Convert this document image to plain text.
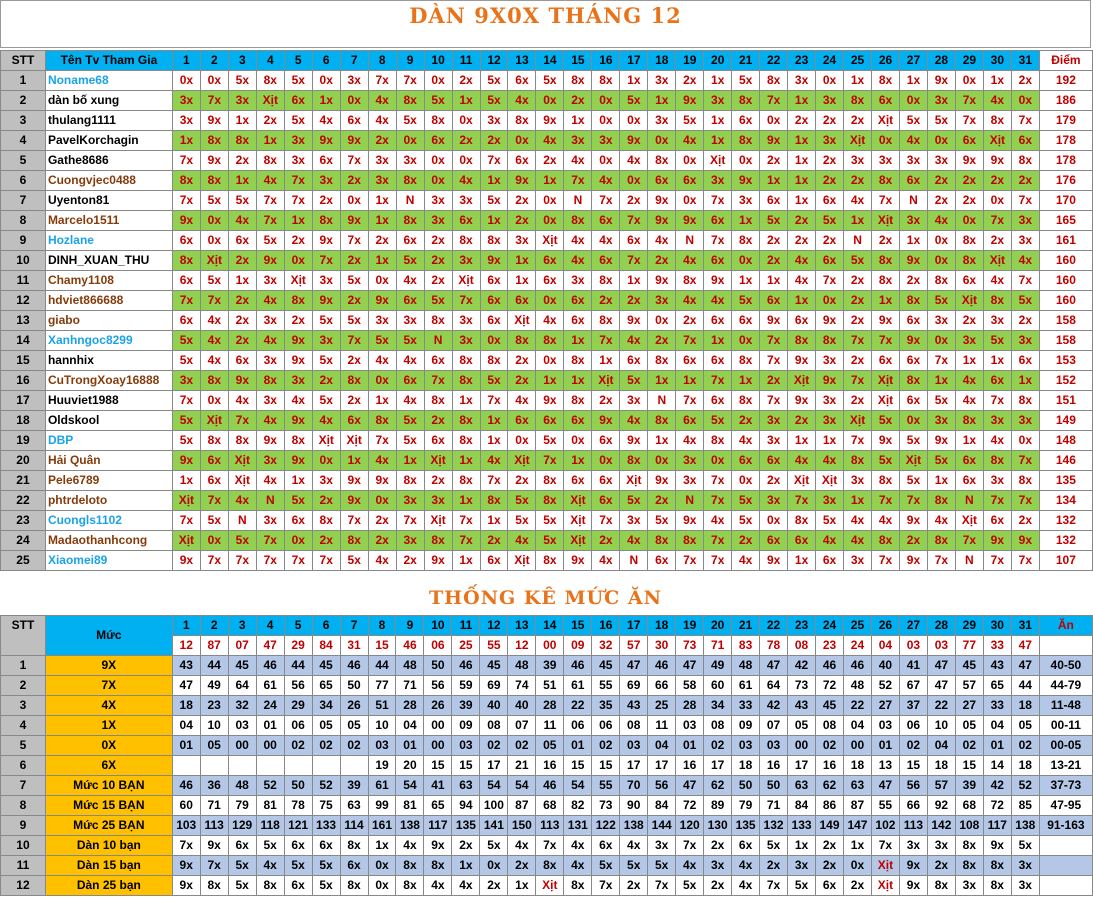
DÀN 9X0X THÁNG 12
STT	Tên Tv Tham Gia	1	2	3	4	5	6	7	8	9	10	11	12	13	14	15	16	17	18	19	20	21	22	23	24	25	26	27	28	29	30	31	Điểm
1	Noname68	0x	0x	5x	8x	5x	0x	3x	7x	7x	0x	2x	5x	6x	5x	8x	8x	1x	3x	2x	1x	5x	8x	3x	0x	1x	8x	1x	9x	0x	1x	2x	192
2	dàn bố xung	3x	7x	3x	Xịt	6x	1x	0x	4x	8x	5x	1x	5x	4x	0x	2x	0x	5x	1x	9x	3x	8x	7x	1x	3x	8x	6x	0x	3x	7x	4x	0x	186
3	thulang1111	3x	9x	1x	2x	5x	4x	6x	4x	5x	8x	0x	3x	8x	9x	1x	0x	0x	3x	5x	1x	6x	0x	2x	2x	2x	Xịt	5x	5x	7x	8x	7x	179
4	PavelKorchagin	1x	8x	8x	1x	3x	9x	9x	2x	0x	6x	2x	2x	0x	4x	3x	3x	9x	0x	4x	1x	8x	9x	1x	3x	Xịt	0x	4x	0x	6x	Xịt	6x	178
5	Gathe8686	7x	9x	2x	8x	3x	6x	7x	3x	3x	0x	0x	7x	6x	2x	4x	0x	4x	8x	0x	Xịt	0x	2x	1x	2x	3x	3x	3x	3x	9x	9x	8x	178
6	Cuongvjec0488	8x	8x	1x	4x	7x	3x	2x	3x	8x	0x	4x	1x	9x	1x	7x	4x	0x	6x	6x	3x	9x	1x	1x	2x	2x	8x	6x	2x	2x	2x	2x	176
7	Uyenton81	7x	5x	5x	7x	7x	2x	0x	1x	N	3x	3x	5x	2x	0x	N	7x	2x	9x	0x	7x	3x	6x	1x	6x	4x	7x	N	2x	2x	0x	7x	170
8	Marcelo1511	9x	0x	4x	7x	1x	8x	9x	1x	8x	3x	6x	1x	2x	0x	8x	6x	7x	9x	9x	6x	1x	5x	2x	5x	1x	Xịt	3x	4x	0x	7x	3x	165
9	Hozlane	6x	0x	6x	5x	2x	9x	7x	2x	6x	2x	8x	8x	3x	Xịt	4x	4x	6x	4x	N	7x	8x	2x	2x	2x	N	2x	1x	0x	8x	2x	3x	161
10	DINH_XUAN_THU	8x	Xịt	2x	9x	0x	7x	2x	1x	5x	2x	3x	9x	1x	6x	4x	6x	7x	2x	4x	6x	0x	2x	4x	6x	5x	8x	9x	0x	8x	Xịt	4x	160
11	Chamy1108	6x	5x	1x	3x	Xịt	3x	5x	0x	4x	2x	Xịt	6x	1x	6x	3x	8x	1x	9x	8x	9x	1x	1x	4x	7x	2x	8x	2x	8x	6x	4x	7x	160
12	hdviet866688	7x	7x	2x	4x	8x	9x	2x	9x	6x	5x	7x	6x	6x	0x	6x	2x	2x	3x	4x	4x	5x	6x	1x	0x	2x	1x	8x	5x	Xịt	8x	5x	160
13	giabo	6x	4x	2x	3x	2x	5x	5x	3x	3x	8x	3x	6x	Xịt	4x	6x	8x	9x	0x	2x	6x	6x	9x	6x	9x	2x	9x	6x	3x	2x	3x	2x	158
14	Xanhngoc8299	5x	4x	2x	4x	9x	3x	7x	5x	5x	N	3x	0x	8x	8x	1x	7x	4x	2x	7x	1x	0x	7x	8x	8x	7x	7x	9x	0x	3x	5x	3x	158
15	hannhix	5x	4x	6x	3x	9x	5x	2x	4x	4x	6x	8x	8x	2x	0x	8x	1x	6x	8x	6x	6x	8x	7x	9x	3x	2x	6x	6x	7x	1x	1x	6x	153
16	CuTrongXoay16888	3x	8x	9x	8x	3x	2x	8x	0x	6x	7x	8x	5x	2x	1x	1x	Xịt	5x	1x	1x	7x	1x	2x	Xịt	9x	7x	Xịt	8x	1x	4x	6x	1x	152
17	Huuviet1988	7x	0x	4x	3x	4x	5x	2x	1x	4x	8x	1x	7x	4x	9x	8x	2x	3x	N	7x	6x	8x	7x	9x	3x	2x	Xịt	6x	5x	4x	7x	8x	151
18	Oldskool	5x	Xịt	7x	4x	9x	4x	6x	8x	5x	2x	8x	1x	6x	6x	6x	9x	4x	8x	6x	5x	2x	3x	2x	3x	Xịt	5x	0x	3x	8x	3x	3x	149
19	DBP	5x	8x	8x	9x	8x	Xịt	Xịt	7x	5x	6x	8x	1x	0x	5x	0x	6x	9x	1x	4x	8x	4x	3x	1x	1x	7x	9x	5x	9x	1x	4x	0x	148
20	Hải Quân	9x	6x	Xịt	3x	9x	0x	1x	4x	1x	Xịt	1x	4x	Xịt	7x	1x	0x	8x	0x	3x	0x	6x	6x	4x	4x	8x	5x	Xịt	5x	6x	8x	7x	146
21	Pele6789	1x	6x	Xịt	4x	1x	3x	9x	9x	8x	2x	8x	7x	2x	8x	6x	6x	Xịt	9x	3x	7x	0x	2x	Xịt	Xịt	3x	8x	5x	1x	6x	3x	8x	135
22	phtrdeloto	Xịt	7x	4x	N	5x	2x	9x	0x	3x	3x	1x	8x	5x	8x	Xịt	6x	5x	2x	N	7x	5x	3x	7x	3x	1x	7x	7x	8x	N	7x	7x	134
23	Cuongls1102	7x	5x	N	3x	6x	8x	7x	2x	7x	Xịt	7x	1x	5x	5x	Xịt	7x	3x	5x	9x	4x	5x	0x	8x	5x	4x	4x	9x	4x	Xịt	6x	2x	132
24	Madaothanhcong	Xịt	0x	5x	7x	0x	2x	8x	2x	3x	8x	7x	2x	4x	5x	Xịt	2x	4x	8x	8x	7x	2x	6x	6x	4x	4x	8x	2x	8x	7x	9x	9x	132
25	Xiaomei89	9x	7x	7x	7x	7x	7x	5x	4x	2x	9x	1x	6x	Xịt	8x	9x	4x	N	6x	7x	7x	4x	9x	1x	6x	3x	7x	9x	7x	N	7x	7x	107
THỐNG KÊ MỨC ĂN
STT	Mức	1	2	3	4	5	6	7	8	9	10	11	12	13	14	15	16	17	18	19	20	21	22	23	24	25	26	27	28	29	30	31	Ăn
		12	87	07	47	29	84	31	15	46	06	25	55	12	00	09	32	57	30	73	71	83	78	08	23	24	04	03	03	77	33	47	
1	9X	43	44	45	46	44	45	46	44	48	50	46	45	48	39	46	45	47	46	47	49	48	47	42	46	46	40	41	47	45	43	47	40-50
2	7X	47	49	64	61	56	65	50	77	71	56	59	69	74	51	61	55	69	66	58	60	61	64	73	72	48	52	67	47	57	65	44	44-79
3	4X	18	23	32	24	29	34	26	51	28	26	39	40	40	28	22	35	43	25	28	34	33	42	43	45	22	27	37	22	27	33	18	11-48
4	1X	04	10	03	01	06	05	05	10	04	00	09	08	07	11	06	06	08	11	03	08	09	07	05	08	04	03	06	10	05	04	05	00-11
5	0X	01	05	00	00	02	02	02	03	01	00	03	02	02	05	01	02	03	04	01	02	03	03	00	02	00	01	02	04	02	01	02	00-05
6	6X								19	20	15	15	17	21	16	15	15	17	17	16	17	18	16	17	16	18	13	15	18	15	14	18	13-21
7	Mức 10 BẠN	46	36	48	52	50	52	39	61	54	41	63	54	54	46	54	55	70	56	47	62	50	50	63	62	63	47	56	57	39	42	52	37-73
8	Mức 15 BẠN	60	71	79	81	78	75	63	99	81	65	94	100	87	68	82	73	90	84	72	89	79	71	84	86	87	55	66	92	68	72	85	47-95
9	Mức 25 BẠN	103	113	129	118	121	133	114	161	138	117	135	141	150	113	131	122	138	144	120	130	135	132	133	149	147	102	113	142	108	117	138	91-163
10	Dàn 10 bạn	7x	9x	6x	5x	6x	6x	8x	1x	4x	9x	2x	5x	4x	7x	4x	6x	4x	3x	7x	2x	6x	5x	1x	2x	1x	7x	3x	3x	8x	9x	5x	
11	Dàn 15 bạn	9x	7x	5x	4x	5x	5x	6x	0x	8x	8x	1x	0x	2x	8x	4x	5x	5x	5x	4x	3x	4x	2x	3x	2x	0x	Xịt	9x	2x	8x	8x	3x	
12	Dàn 25 bạn	9x	8x	5x	8x	6x	5x	8x	0x	8x	4x	4x	2x	1x	Xịt	8x	7x	2x	7x	5x	2x	4x	7x	5x	6x	2x	Xịt	9x	8x	3x	8x	3x	
